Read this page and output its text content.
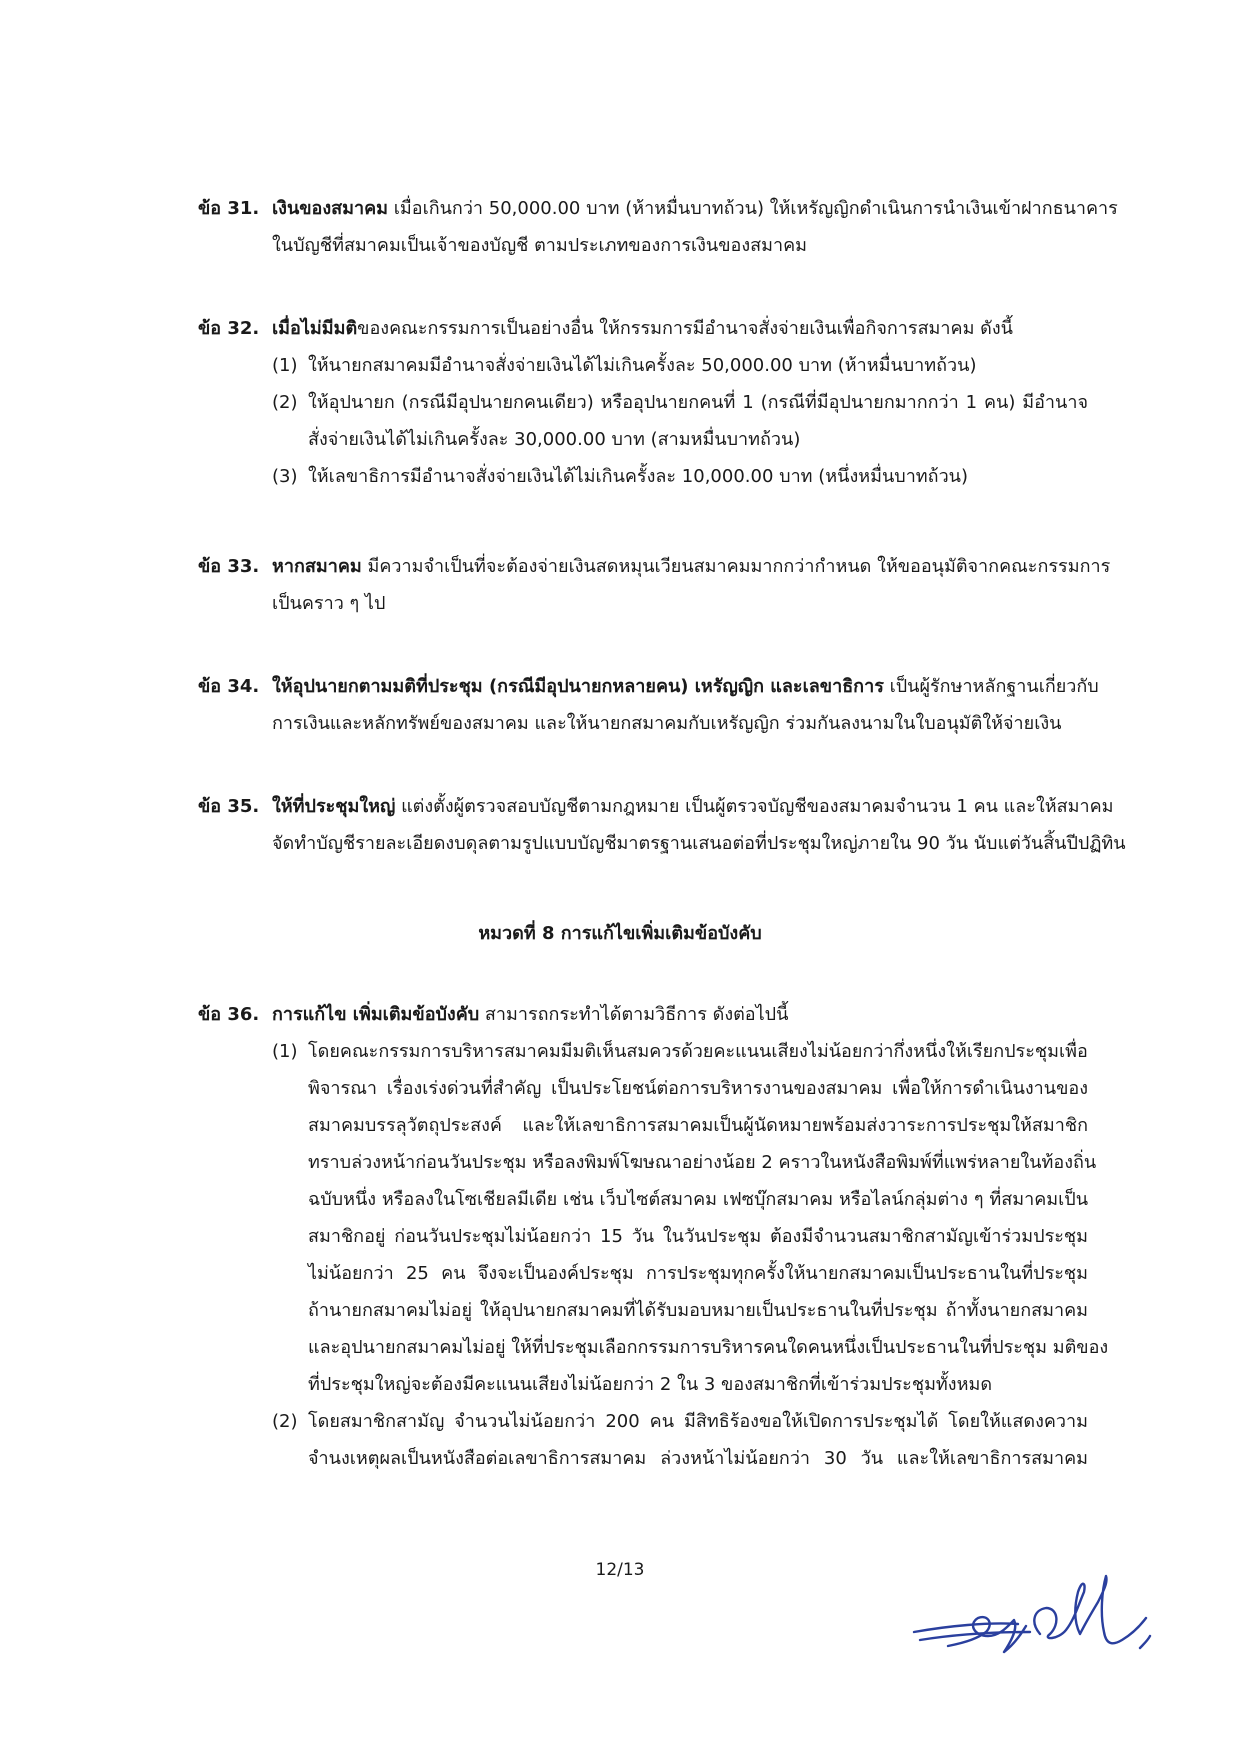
ข้อ 31. เงินของสมาคม เมื่อเกินกว่า 50,000.00 บาท (ห้าหมื่นบาทถ้วน) ให้เหรัญญิกดำเนินการนำเงินเข้าฝากธนาคาร
ในบัญชีที่สมาคมเป็นเจ้าของบัญชี ตามประเภทของการเงินของสมาคม
ข้อ 32. เมื่อไม่มีมติของคณะกรรมการเป็นอย่างอื่น ให้กรรมการมีอำนาจสั่งจ่ายเงินเพื่อกิจการสมาคม ดังนี้
(1) ให้นายกสมาคมมีอำนาจสั่งจ่ายเงินได้ไม่เกินครั้งละ 50,000.00 บาท (ห้าหมื่นบาทถ้วน)
(2) ให้อุปนายก (กรณีมีอุปนายกคนเดียว) หรืออุปนายกคนที่ 1 (กรณีที่มีอุปนายกมากกว่า 1 คน) มีอำนาจ
สั่งจ่ายเงินได้ไม่เกินครั้งละ 30,000.00 บาท (สามหมื่นบาทถ้วน)
(3) ให้เลขาธิการมีอำนาจสั่งจ่ายเงินได้ไม่เกินครั้งละ 10,000.00 บาท (หนึ่งหมื่นบาทถ้วน)
ข้อ 33. หากสมาคม มีความจำเป็นที่จะต้องจ่ายเงินสดหมุนเวียนสมาคมมากกว่ากำหนด ให้ขออนุมัติจากคณะกรรมการ
เป็นคราว ๆ ไป
ข้อ 34. ให้อุปนายกตามมติที่ประชุม (กรณีมีอุปนายกหลายคน) เหรัญญิก และเลขาธิการ เป็นผู้รักษาหลักฐานเกี่ยวกับ
การเงินและหลักทรัพย์ของสมาคม และให้นายกสมาคมกับเหรัญญิก ร่วมกันลงนามในใบอนุมัติให้จ่ายเงิน
ข้อ 35. ให้ที่ประชุมใหญ่ แต่งตั้งผู้ตรวจสอบบัญชีตามกฎหมาย เป็นผู้ตรวจบัญชีของสมาคมจำนวน 1 คน และให้สมาคม
จัดทำบัญชีรายละเอียดงบดุลตามรูปแบบบัญชีมาตรฐานเสนอต่อที่ประชุมใหญ่ภายใน 90 วัน นับแต่วันสิ้นปีปฏิทิน
หมวดที่ 8 การแก้ไขเพิ่มเติมข้อบังคับ
ข้อ 36. การแก้ไข เพิ่มเติมข้อบังคับ สามารถกระทำได้ตามวิธีการ ดังต่อไปนี้
(1) โดยคณะกรรมการบริหารสมาคมมีมติเห็นสมควรด้วยคะแนนเสียงไม่น้อยกว่ากึ่งหนึ่งให้เรียกประชุมเพื่อ
พิจารณา เรื่องเร่งด่วนที่สำคัญ เป็นประโยชน์ต่อการบริหารงานของสมาคม เพื่อให้การดำเนินงานของ
สมาคมบรรลุวัตถุประสงค์ และให้เลขาธิการสมาคมเป็นผู้นัดหมายพร้อมส่งวาระการประชุมให้สมาชิก
ทราบล่วงหน้าก่อนวันประชุม หรือลงพิมพ์โฆษณาอย่างน้อย 2 คราวในหนังสือพิมพ์ที่แพร่หลายในท้องถิ่น
ฉบับหนึ่ง หรือลงในโซเชียลมีเดีย เช่น เว็บไซต์สมาคม เฟซบุ๊กสมาคม หรือไลน์กลุ่มต่าง ๆ ที่สมาคมเป็น
สมาชิกอยู่ ก่อนวันประชุมไม่น้อยกว่า 15 วัน ในวันประชุม ต้องมีจำนวนสมาชิกสามัญเข้าร่วมประชุม
ไม่น้อยกว่า 25 คน จึงจะเป็นองค์ประชุม การประชุมทุกครั้งให้นายกสมาคมเป็นประธานในที่ประชุม
ถ้านายกสมาคมไม่อยู่ ให้อุปนายกสมาคมที่ได้รับมอบหมายเป็นประธานในที่ประชุม ถ้าทั้งนายกสมาคม
และอุปนายกสมาคมไม่อยู่ ให้ที่ประชุมเลือกกรรมการบริหารคนใดคนหนึ่งเป็นประธานในที่ประชุม มติของ
ที่ประชุมใหญ่จะต้องมีคะแนนเสียงไม่น้อยกว่า 2 ใน 3 ของสมาชิกที่เข้าร่วมประชุมทั้งหมด
(2) โดยสมาชิกสามัญ จำนวนไม่น้อยกว่า 200 คน มีสิทธิร้องขอให้เปิดการประชุมได้ โดยให้แสดงความ
จำนงเหตุผลเป็นหนังสือต่อเลขาธิการสมาคม ล่วงหน้าไม่น้อยกว่า 30 วัน และให้เลขาธิการสมาคม
12/13
